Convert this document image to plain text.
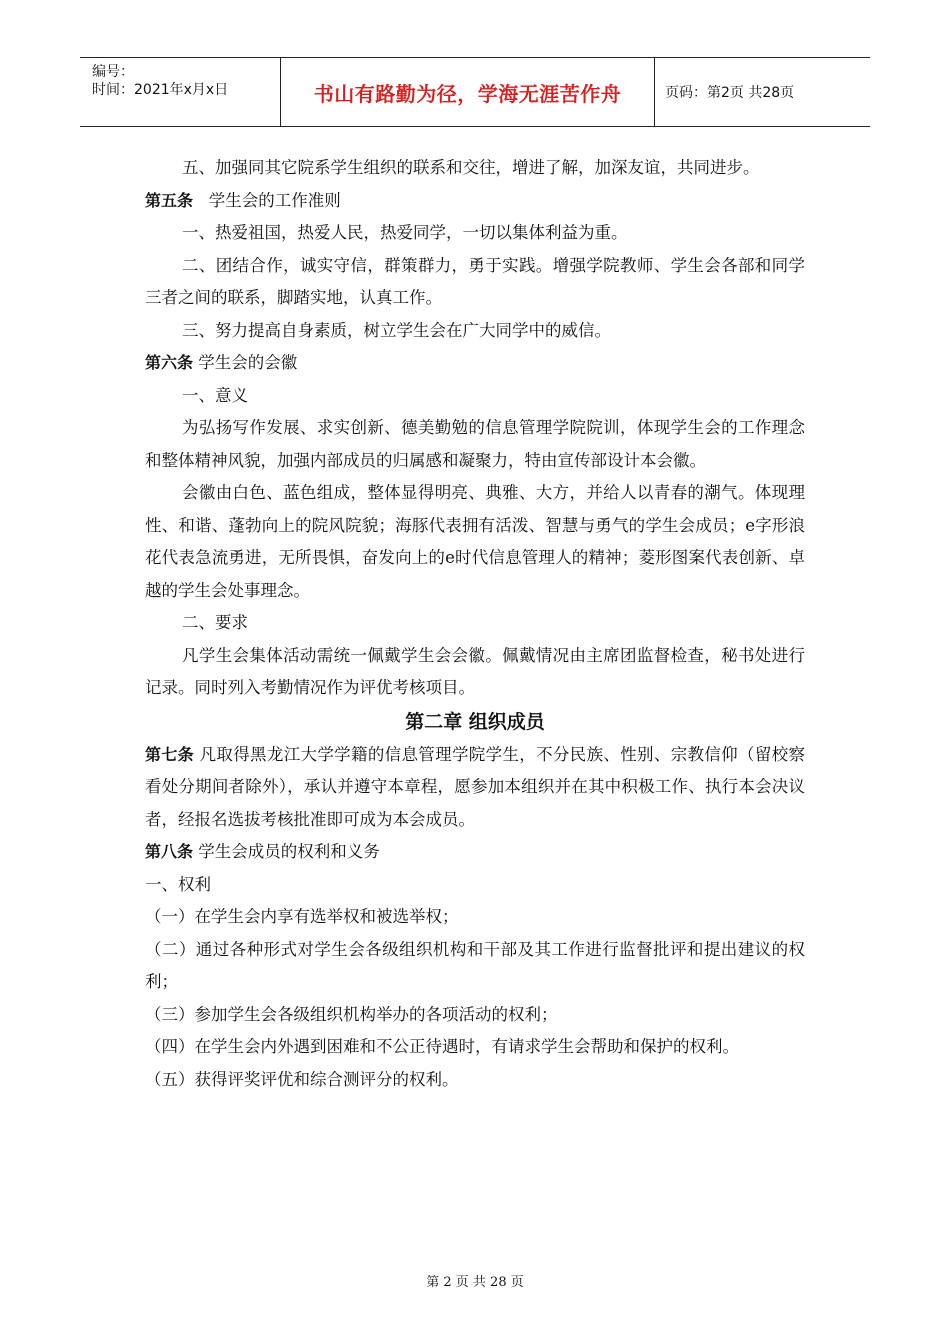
编号：
时间：2021年x月x日	书山有路勤为径，学海无涯苦作舟	页码：第2页 共28页

五、加强同其它院系学生组织的联系和交往，增进了解，加深友谊，共同进步。

第五条 学生会的工作准则

一、热爱祖国，热爱人民，热爱同学，一切以集体利益为重。

二、团结合作，诚实守信，群策群力，勇于实践。增强学院教师、学生会各部和同学三者之间的联系，脚踏实地，认真工作。

三、努力提高自身素质，树立学生会在广大同学中的威信。

第六条 学生会的会徽

一、意义

为弘扬写作发展、求实创新、德美勤勉的信息管理学院院训，体现学生会的工作理念和整体精神风貌，加强内部成员的归属感和凝聚力，特由宣传部设计本会徽。

会徽由白色、蓝色组成，整体显得明亮、典雅、大方，并给人以青春的潮气。体现理性、和谐、蓬勃向上的院风院貌；海豚代表拥有活泼、智慧与勇气的学生会成员；e字形浪花代表急流勇进，无所畏惧，奋发向上的e时代信息管理人的精神；菱形图案代表创新、卓越的学生会处事理念。

二、要求

凡学生会集体活动需统一佩戴学生会会徽。佩戴情况由主席团监督检查，秘书处进行记录。同时列入考勤情况作为评优考核项目。

第二章 组织成员

第七条 凡取得黑龙江大学学籍的信息管理学院学生，不分民族、性别、宗教信仰（留校察看处分期间者除外），承认并遵守本章程，愿参加本组织并在其中积极工作、执行本会决议者，经报名选拔考核批准即可成为本会成员。

第八条 学生会成员的权利和义务

一、权利

（一）在学生会内享有选举权和被选举权；

（二）通过各种形式对学生会各级组织机构和干部及其工作进行监督批评和提出建议的权利；

（三）参加学生会各级组织机构举办的各项活动的权利；

（四）在学生会内外遇到困难和不公正待遇时，有请求学生会帮助和保护的权利。

（五）获得评奖评优和综合测评分的权利。

第 2 页 共 28 页
